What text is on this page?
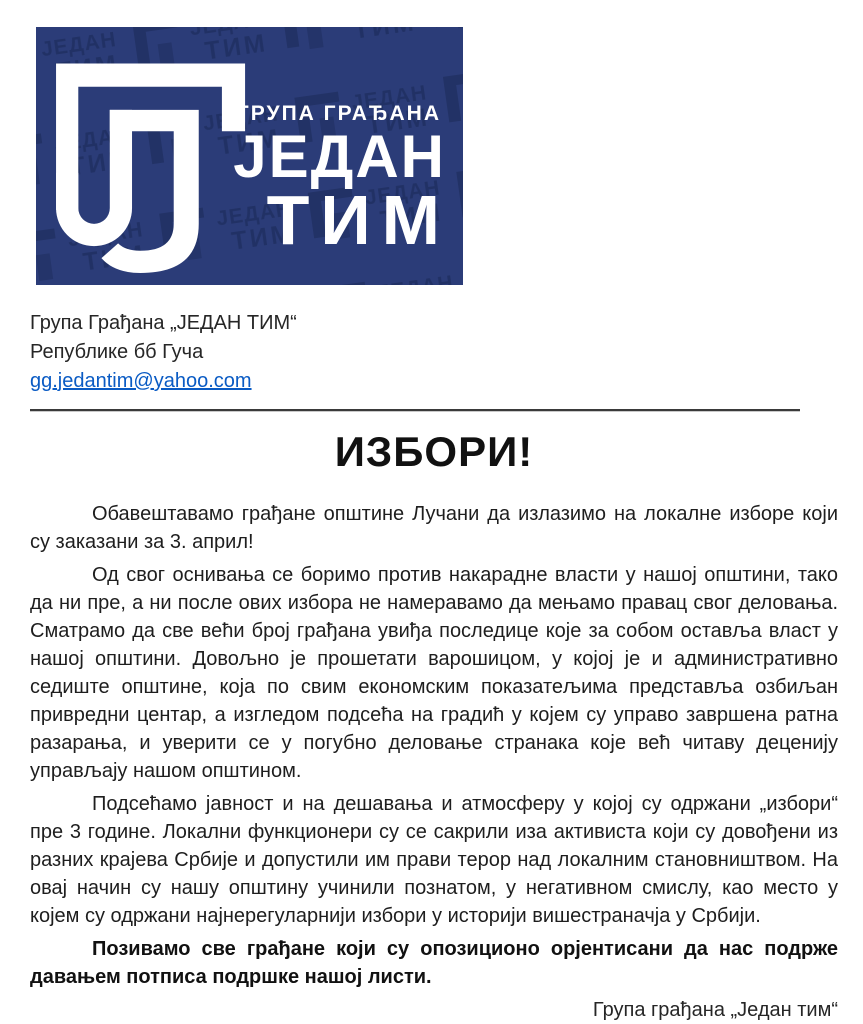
ГРУПА ГРАЂАНА
ЈЕДАН
ТИМ
Група Грађана „ЈЕДАН ТИМ“
Републике бб Гуча
gg.jedantim@yahoo.com
ИЗБОРИ!

Обавештавамо грађане општине Лучани да излазимо на локалне изборе који су заказани за 3. април!

Од свог оснивања се боримо против накарадне власти у нашој општини, тако да ни пре, а ни после ових избора не намеравамо да мењамо правац свог деловања. Сматрамо да све већи број грађана увиђа последице које за собом оставља власт у нашој општини. Довољно је прошетати варошицом, у којој је и административно седиште општине, која по свим економским показатељима представља озбиљан привредни центар, а изгледом подсећа на градић у којем су управо завршена ратна разарања, и уверити се у погубно деловање странака које већ читаву деценију управљају нашом општином.

Подсећамо јавност и на дешавања и атмосферу у којој су одржани „избори“ пре 3 године. Локални функционери су се сакрили иза активиста који су довођени из разних крајева Србије и допустили им прави терор над локалним становништвом. На овај начин су нашу општину учинили познатом, у негативном смислу, као место у којем су одржани најнерегуларнији избори у историји вишестраначја у Србији.

Позивамо све грађане који су опозиционо орјентисани да нас подрже давањем потписа подршке нашој листи.

Група грађана „Један тим“
